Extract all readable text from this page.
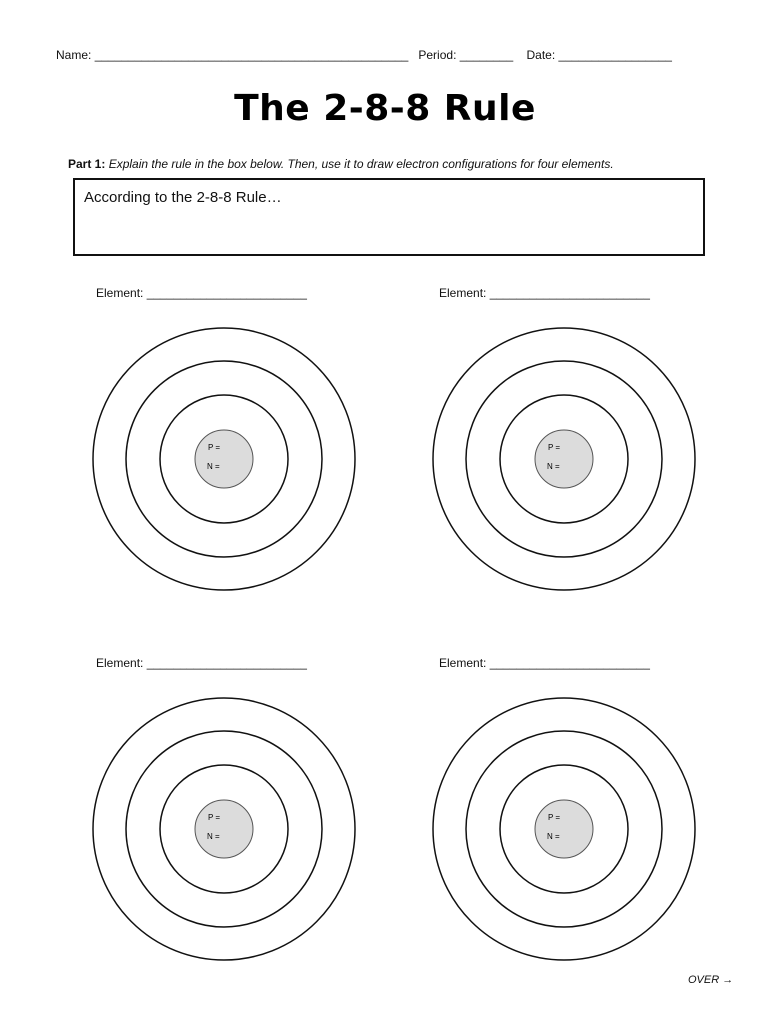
Name: _______________________________________________ Period: ________ Date: _________________
The 2-8-8 Rule
Part 1: Explain the rule in the box below. Then, use it to draw electron configurations for four elements.
According to the 2-8-8 Rule…
Element: ________________________
P =
N =
Element: ________________________
P =
N =
Element: ________________________
P =
N =
Element: ________________________
P =
N =
OVER →
